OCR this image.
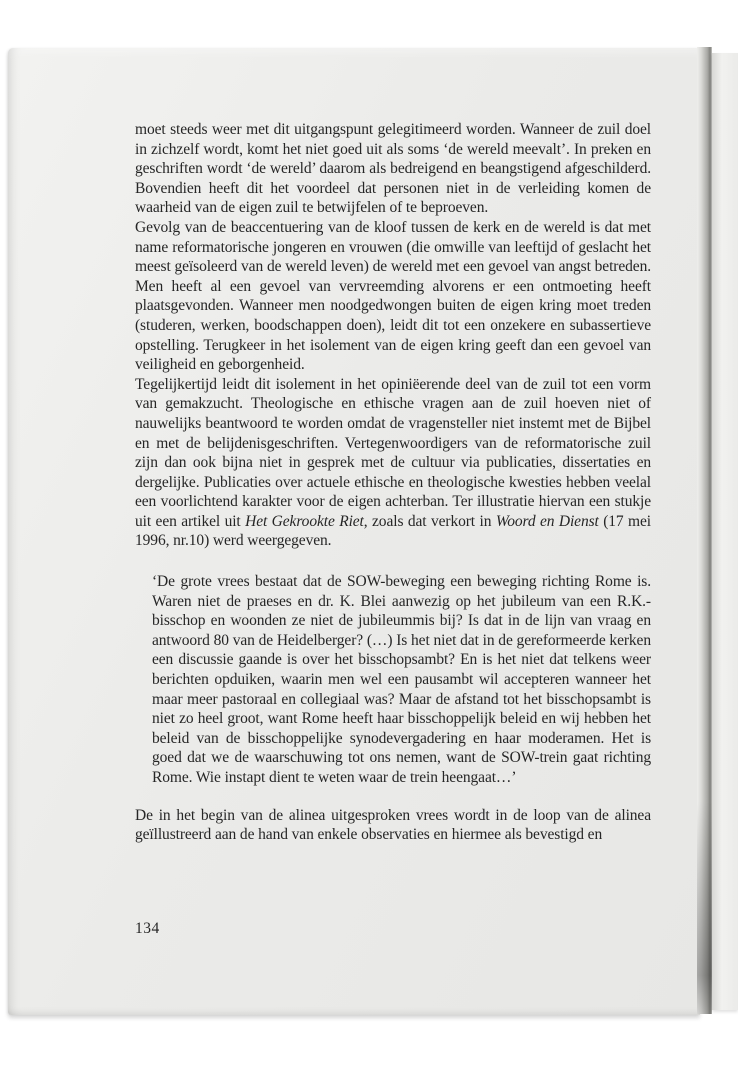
moet steeds weer met dit uitgangspunt gelegitimeerd worden. Wanneer de zuil doel in zichzelf wordt, komt het niet goed uit als soms ‘de wereld meevalt’. In preken en geschriften wordt ‘de wereld’ daarom als bedreigend en beangstigend afgeschilderd. Bovendien heeft dit het voordeel dat personen niet in de verleiding komen de waarheid van de eigen zuil te betwijfelen of te beproeven.

Gevolg van de beaccentuering van de kloof tussen de kerk en de wereld is dat met name reformatorische jongeren en vrouwen (die omwille van leeftijd of geslacht het meest geïsoleerd van de wereld leven) de wereld met een gevoel van angst betreden. Men heeft al een gevoel van vervreemding alvorens er een ontmoeting heeft plaatsgevonden. Wanneer men noodgedwongen buiten de eigen kring moet treden (studeren, werken, boodschappen doen), leidt dit tot een onzekere en subassertieve opstelling. Terugkeer in het isolement van de eigen kring geeft dan een gevoel van veiligheid en geborgenheid.

Tegelijkertijd leidt dit isolement in het opiniëerende deel van de zuil tot een vorm van gemakzucht. Theologische en ethische vragen aan de zuil hoeven niet of nauwelijks beantwoord te worden omdat de vragensteller niet instemt met de Bijbel en met de belijdenisgeschriften. Vertegenwoordigers van de reformatorische zuil zijn dan ook bijna niet in gesprek met de cultuur via publicaties, dissertaties en dergelijke. Publicaties over actuele ethische en theologische kwesties hebben veelal een voorlichtend karakter voor de eigen achterban. Ter illustratie hiervan een stukje uit een artikel uit Het Gekrookte Riet, zoals dat verkort in Woord en Dienst (17 mei 1996, nr.10) werd weergegeven.

‘De grote vrees bestaat dat de SOW-beweging een beweging richting Rome is. Waren niet de praeses en dr. K. Blei aanwezig op het jubileum van een R.K.-bisschop en woonden ze niet de jubileummis bij? Is dat in de lijn van vraag en antwoord 80 van de Heidelberger? (…) Is het niet dat in de gereformeerde kerken een discussie gaande is over het bisschopsambt? En is het niet dat telkens weer berichten opduiken, waarin men wel een pausambt wil accepteren wanneer het maar meer pastoraal en collegiaal was? Maar de afstand tot het bisschopsambt is niet zo heel groot, want Rome heeft haar bisschoppelijk beleid en wij hebben het beleid van de bisschoppelijke synodevergadering en haar moderamen. Het is goed dat we de waarschuwing tot ons nemen, want de SOW-trein gaat richting Rome. Wie instapt dient te weten waar de trein heengaat…’

De in het begin van de alinea uitgesproken vrees wordt in de loop van de alinea geïllustreerd aan de hand van enkele observaties en hiermee als bevestigd en

134
